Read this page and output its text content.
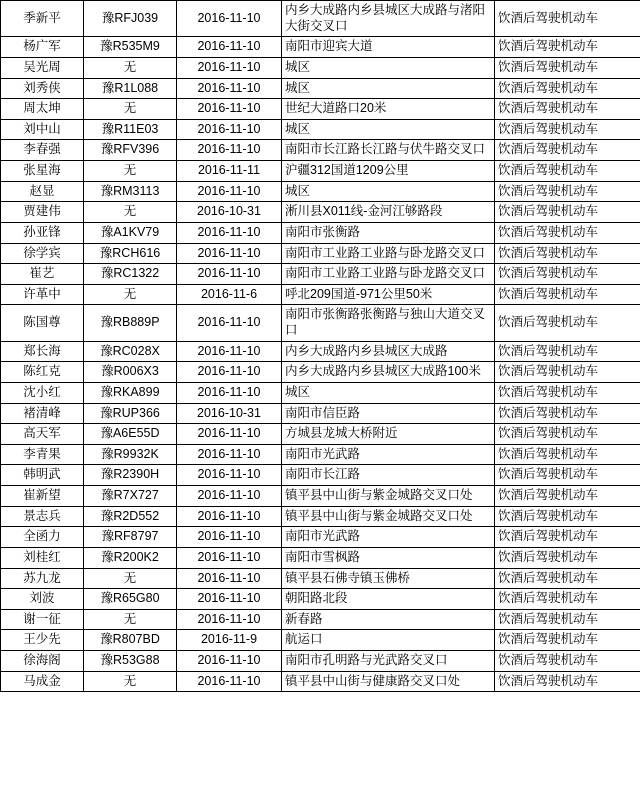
季新平	豫RFJ039	2016-11-10	内乡大成路内乡县城区大成路与渚阳大街交叉口	饮酒后驾驶机动车
杨广军	豫R535M9	2016-11-10	南阳市迎宾大道	饮酒后驾驶机动车
吴光周	无	2016-11-10	城区	饮酒后驾驶机动车
刘秀侠	豫R1L088	2016-11-10	城区	饮酒后驾驶机动车
周太坤	无	2016-11-10	世纪大道路口20米	饮酒后驾驶机动车
刘中山	豫R11E03	2016-11-10	城区	饮酒后驾驶机动车
李春强	豫RFV396	2016-11-10	南阳市长江路长江路与伏牛路交叉口	饮酒后驾驶机动车
张星海	无	2016-11-11	沪疆312国道1209公里	饮酒后驾驶机动车
赵显	豫RM3113	2016-11-10	城区	饮酒后驾驶机动车
贾建伟	无	2016-10-31	淅川县X011线-金河江够路段	饮酒后驾驶机动车
孙亚锋	豫A1KV79	2016-11-10	南阳市张衡路	饮酒后驾驶机动车
徐学宾	豫RCH616	2016-11-10	南阳市工业路工业路与卧龙路交叉口	饮酒后驾驶机动车
崔艺	豫RC1322	2016-11-10	南阳市工业路工业路与卧龙路交叉口	饮酒后驾驶机动车
许革中	无	2016-11-6	呼北209国道-971公里50米	饮酒后驾驶机动车
陈国尊	豫RB889P	2016-11-10	南阳市张衡路张衡路与独山大道交叉口	饮酒后驾驶机动车
郑长海	豫RC028X	2016-11-10	内乡大成路内乡县城区大成路	饮酒后驾驶机动车
陈红克	豫R006X3	2016-11-10	内乡大成路内乡县城区大成路100米	饮酒后驾驶机动车
沈小红	豫RKA899	2016-11-10	城区	饮酒后驾驶机动车
褚清峰	豫RUP366	2016-10-31	南阳市信臣路	饮酒后驾驶机动车
高天军	豫A6E55D	2016-11-10	方城县龙城大桥附近	饮酒后驾驶机动车
李青果	豫R9932K	2016-11-10	南阳市光武路	饮酒后驾驶机动车
韩明武	豫R2390H	2016-11-10	南阳市长江路	饮酒后驾驶机动车
崔新望	豫R7X727	2016-11-10	镇平县中山街与紫金城路交叉口处	饮酒后驾驶机动车
景志兵	豫R2D552	2016-11-10	镇平县中山街与紫金城路交叉口处	饮酒后驾驶机动车
全函力	豫RF8797	2016-11-10	南阳市光武路	饮酒后驾驶机动车
刘桂红	豫R200K2	2016-11-10	南阳市雪枫路	饮酒后驾驶机动车
苏九龙	无	2016-11-10	镇平县石佛寺镇玉佛桥	饮酒后驾驶机动车
刘波	豫R65G80	2016-11-10	朝阳路北段	饮酒后驾驶机动车
谢一征	无	2016-11-10	新春路	饮酒后驾驶机动车
王少先	豫R807BD	2016-11-9	航运口	饮酒后驾驶机动车
徐海阁	豫R53G88	2016-11-10	南阳市孔明路与光武路交叉口	饮酒后驾驶机动车
马成金	无	2016-11-10	镇平县中山街与健康路交叉口处	饮酒后驾驶机动车
